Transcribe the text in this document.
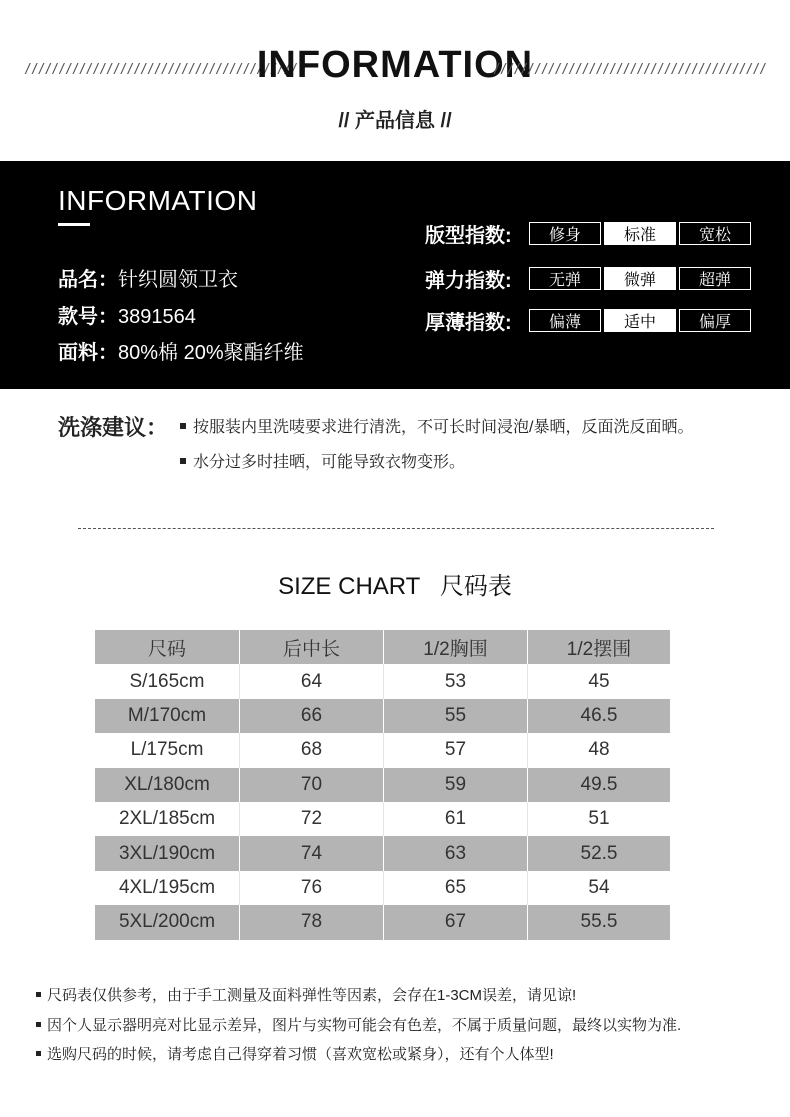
////////////////////////////////////////
INFORMATION
////////////////////////////////////////
// 产品信息 //
INFORMATION
品名：针织圆领卫衣
款号：3891564
面料：80%棉 20%聚酯纤维
版型指数:	修身	标准	宽松
弹力指数:	无弹	微弹	超弹
厚薄指数:	偏薄	适中	偏厚
洗涤建议：	按服装内里洗唛要求进行清洗，不可长时间浸泡/暴晒，反面洗反面晒。
水分过多时挂晒，可能导致衣物变形。
SIZE CHART   尺码表
尺码	后中长	1/2胸围	1/2摆围
S/165cm	64	53	45
M/170cm	66	55	46.5
L/175cm	68	57	48
XL/180cm	70	59	49.5
2XL/185cm	72	61	51
3XL/190cm	74	63	52.5
4XL/195cm	76	65	54
5XL/200cm	78	67	55.5
尺码表仅供参考，由于手工测量及面料弹性等因素，会存在1-3CM误差，请见谅!
因个人显示器明亮对比显示差异，图片与实物可能会有色差，不属于质量问题，最终以实物为准.
选购尺码的时候，请考虑自己得穿着习惯（喜欢宽松或紧身），还有个人体型!
